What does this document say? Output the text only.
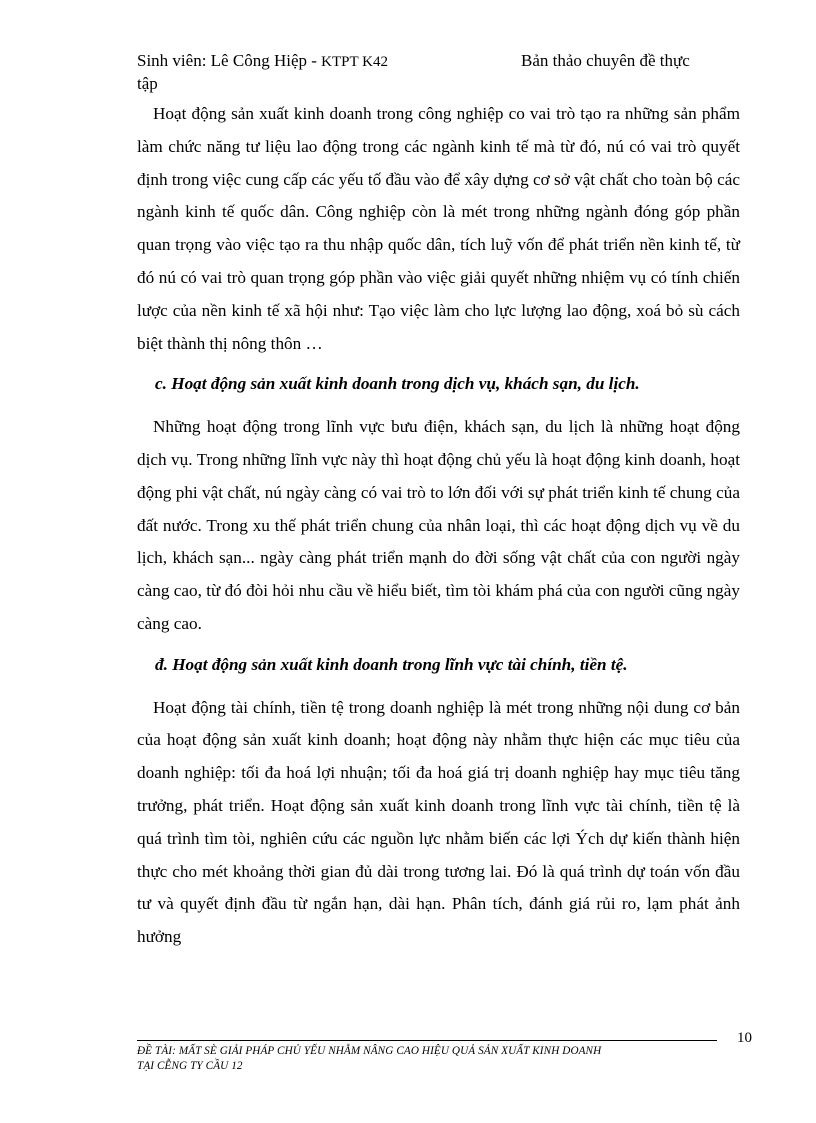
Sinh viên: Lê Công Hiệp - KTPT K42	Bản thảo chuyên đề thực
tập

Hoạt động sản xuất kinh doanh trong công nghiệp co vai trò tạo ra những sản phẩm làm chức năng tư liệu lao động trong các ngành kinh tế mà từ đó, nú có vai trò quyết định trong việc cung cấp các yếu tố đầu vào để xây dựng cơ sở vật chất cho toàn bộ các ngành kinh tế quốc dân. Công nghiệp còn là mét trong những ngành đóng góp phần quan trọng vào việc tạo ra thu nhập quốc dân, tích luỹ vốn để phát triển nền kinh tế, từ đó nú có vai trò quan trọng góp phần vào việc giải quyết những nhiệm vụ có tính chiến lược của nền kinh tế xã hội như: Tạo việc làm cho lực lượng lao động, xoá bỏ sù cách biệt thành thị nông thôn …

c. Hoạt động sản xuất kinh doanh trong dịch vụ, khách sạn, du lịch.

Những hoạt động trong lĩnh vực bưu điện, khách sạn, du lịch là những hoạt động dịch vụ. Trong những lĩnh vực này thì hoạt động chủ yếu là hoạt động kinh doanh, hoạt động phi vật chất, nú ngày càng có vai trò to lớn đối với sự phát triển kinh tế chung của đất nước. Trong xu thế phát triển chung của nhân loại, thì các hoạt động dịch vụ về du lịch, khách sạn... ngày càng phát triển mạnh do đời sống vật chất của con người ngày càng cao, từ đó đòi hỏi nhu cầu về hiểu biết, tìm tòi khám phá của con người cũng ngày càng cao.

đ. Hoạt động sản xuất kinh doanh trong lĩnh vực tài chính, tiền tệ.

Hoạt động tài chính, tiền tệ trong doanh nghiệp là mét trong những nội dung cơ bản của hoạt động sản xuất kinh doanh; hoạt động này nhằm thực hiện các mục tiêu của doanh nghiệp: tối đa hoá lợi nhuận; tối đa hoá giá trị doanh nghiệp hay mục tiêu tăng trưởng, phát triển. Hoạt động sản xuất kinh doanh trong lĩnh vực tài chính, tiền tệ là quá trình tìm tòi, nghiên cứu các nguồn lực nhằm biến các lợi Ých dự kiến thành hiện thực cho mét khoảng thời gian đủ dài trong tương lai. Đó là quá trình dự toán vốn đầu tư và quyết định đầu từ ngắn hạn, dài hạn. Phân tích, đánh giá rủi ro, lạm phát ảnh hưởng

10
ĐỀ TÀI: MẤT SÈ GIẢI PHÁP CHỦ YẾU NHẰM NÂNG CAO HIỆU QUẢ SẢN XUẤT KINH DOANH
TẠI CỄNG TY CẦU 12
